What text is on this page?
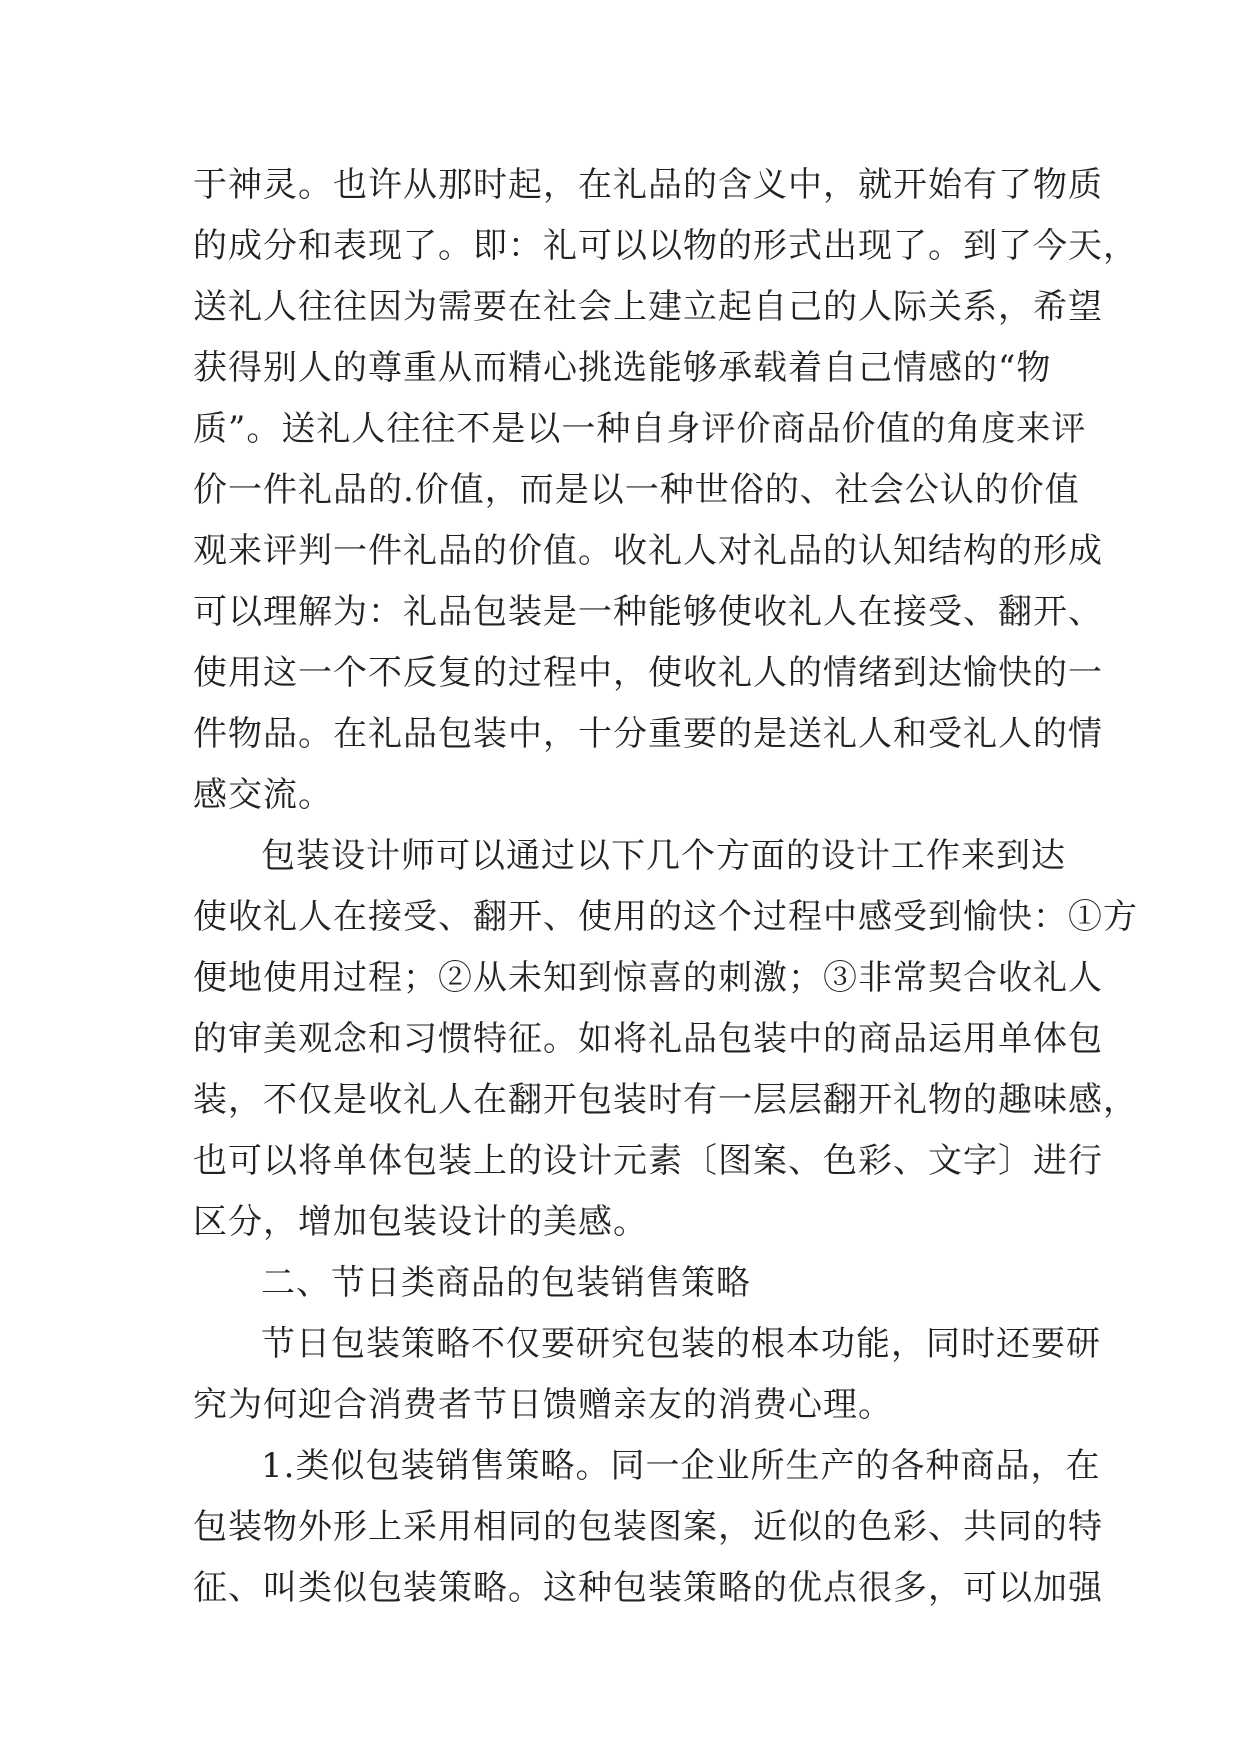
于神灵。也许从那时起，在礼品的含义中，就开始有了物质
的成分和表现了。即：礼可以以物的形式出现了。到了今天，
送礼人往往因为需要在社会上建立起自己的人际关系，希望
获得别人的尊重从而精心挑选能够承载着自己情感的“物
质”。送礼人往往不是以一种自身评价商品价值的角度来评
价一件礼品的.价值，而是以一种世俗的、社会公认的价值
观来评判一件礼品的价值。收礼人对礼品的认知结构的形成
可以理解为：礼品包装是一种能够使收礼人在接受、翻开、
使用这一个不反复的过程中，使收礼人的情绪到达愉快的一
件物品。在礼品包装中，十分重要的是送礼人和受礼人的情
感交流。
包装设计师可以通过以下几个方面的设计工作来到达
使收礼人在接受、翻开、使用的这个过程中感受到愉快：①方
便地使用过程；②从未知到惊喜的刺激；③非常契合收礼人
的审美观念和习惯特征。如将礼品包装中的商品运用单体包
装，不仅是收礼人在翻开包装时有一层层翻开礼物的趣味感，
也可以将单体包装上的设计元素〔图案、色彩、文字〕进行
区分，增加包装设计的美感。
二、节日类商品的包装销售策略
节日包装策略不仅要研究包装的根本功能，同时还要研
究为何迎合消费者节日馈赠亲友的消费心理。
1.类似包装销售策略。同一企业所生产的各种商品，在
包装物外形上采用相同的包装图案，近似的色彩、共同的特
征、叫类似包装策略。这种包装策略的优点很多，可以加强
